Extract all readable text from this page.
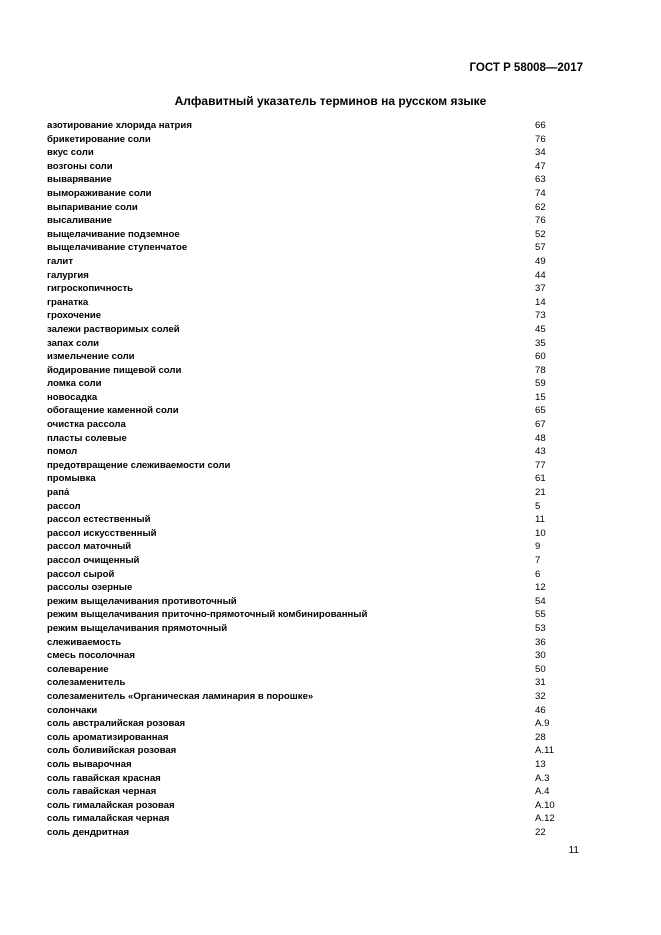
ГОСТ Р 58008—2017
Алфавитный указатель терминов на русском языке
азотирование хлорида натрия	66
брикетирование соли	76
вкус соли	34
возгоны соли	47
выварявание	63
вымораживание соли	74
выпаривание соли	62
высаливание	76
выщелачивание подземное	52
выщелачивание ступенчатое	57
галит	49
галургия	44
гигроскопичность	37
гранатка	14
грохочение	73
залежи растворимых солей	45
запах соли	35
измельчение соли	60
йодирование пищевой соли	78
ломка соли	59
новосадка	15
обогащение каменной соли	65
очистка рассола	67
пласты солевые	48
помол	43
предотвращение слеживаемости соли	77
промывка	61
рапа́	21
рассол	5
рассол естественный	11
рассол искусственный	10
рассол маточный	9
рассол очищенный	7
рассол сырой	6
рассолы озерные	12
режим выщелачивания противоточный	54
режим выщелачивания приточно-прямоточный комбинированный	55
режим выщелачивания прямоточный	53
слеживаемость	36
смесь посолочная	30
солеварение	50
солезаменитель	31
солезаменитель «Органическая ламинария в порошке»	32
солончаки	46
соль австралийская розовая	А.9
соль ароматизированная	28
соль боливийская розовая	А.11
соль выварочная	13
соль гавайская красная	А.3
соль гавайская черная	А.4
соль гималайская розовая	А.10
соль гималайская черная	А.12
соль дендритная	22
11
